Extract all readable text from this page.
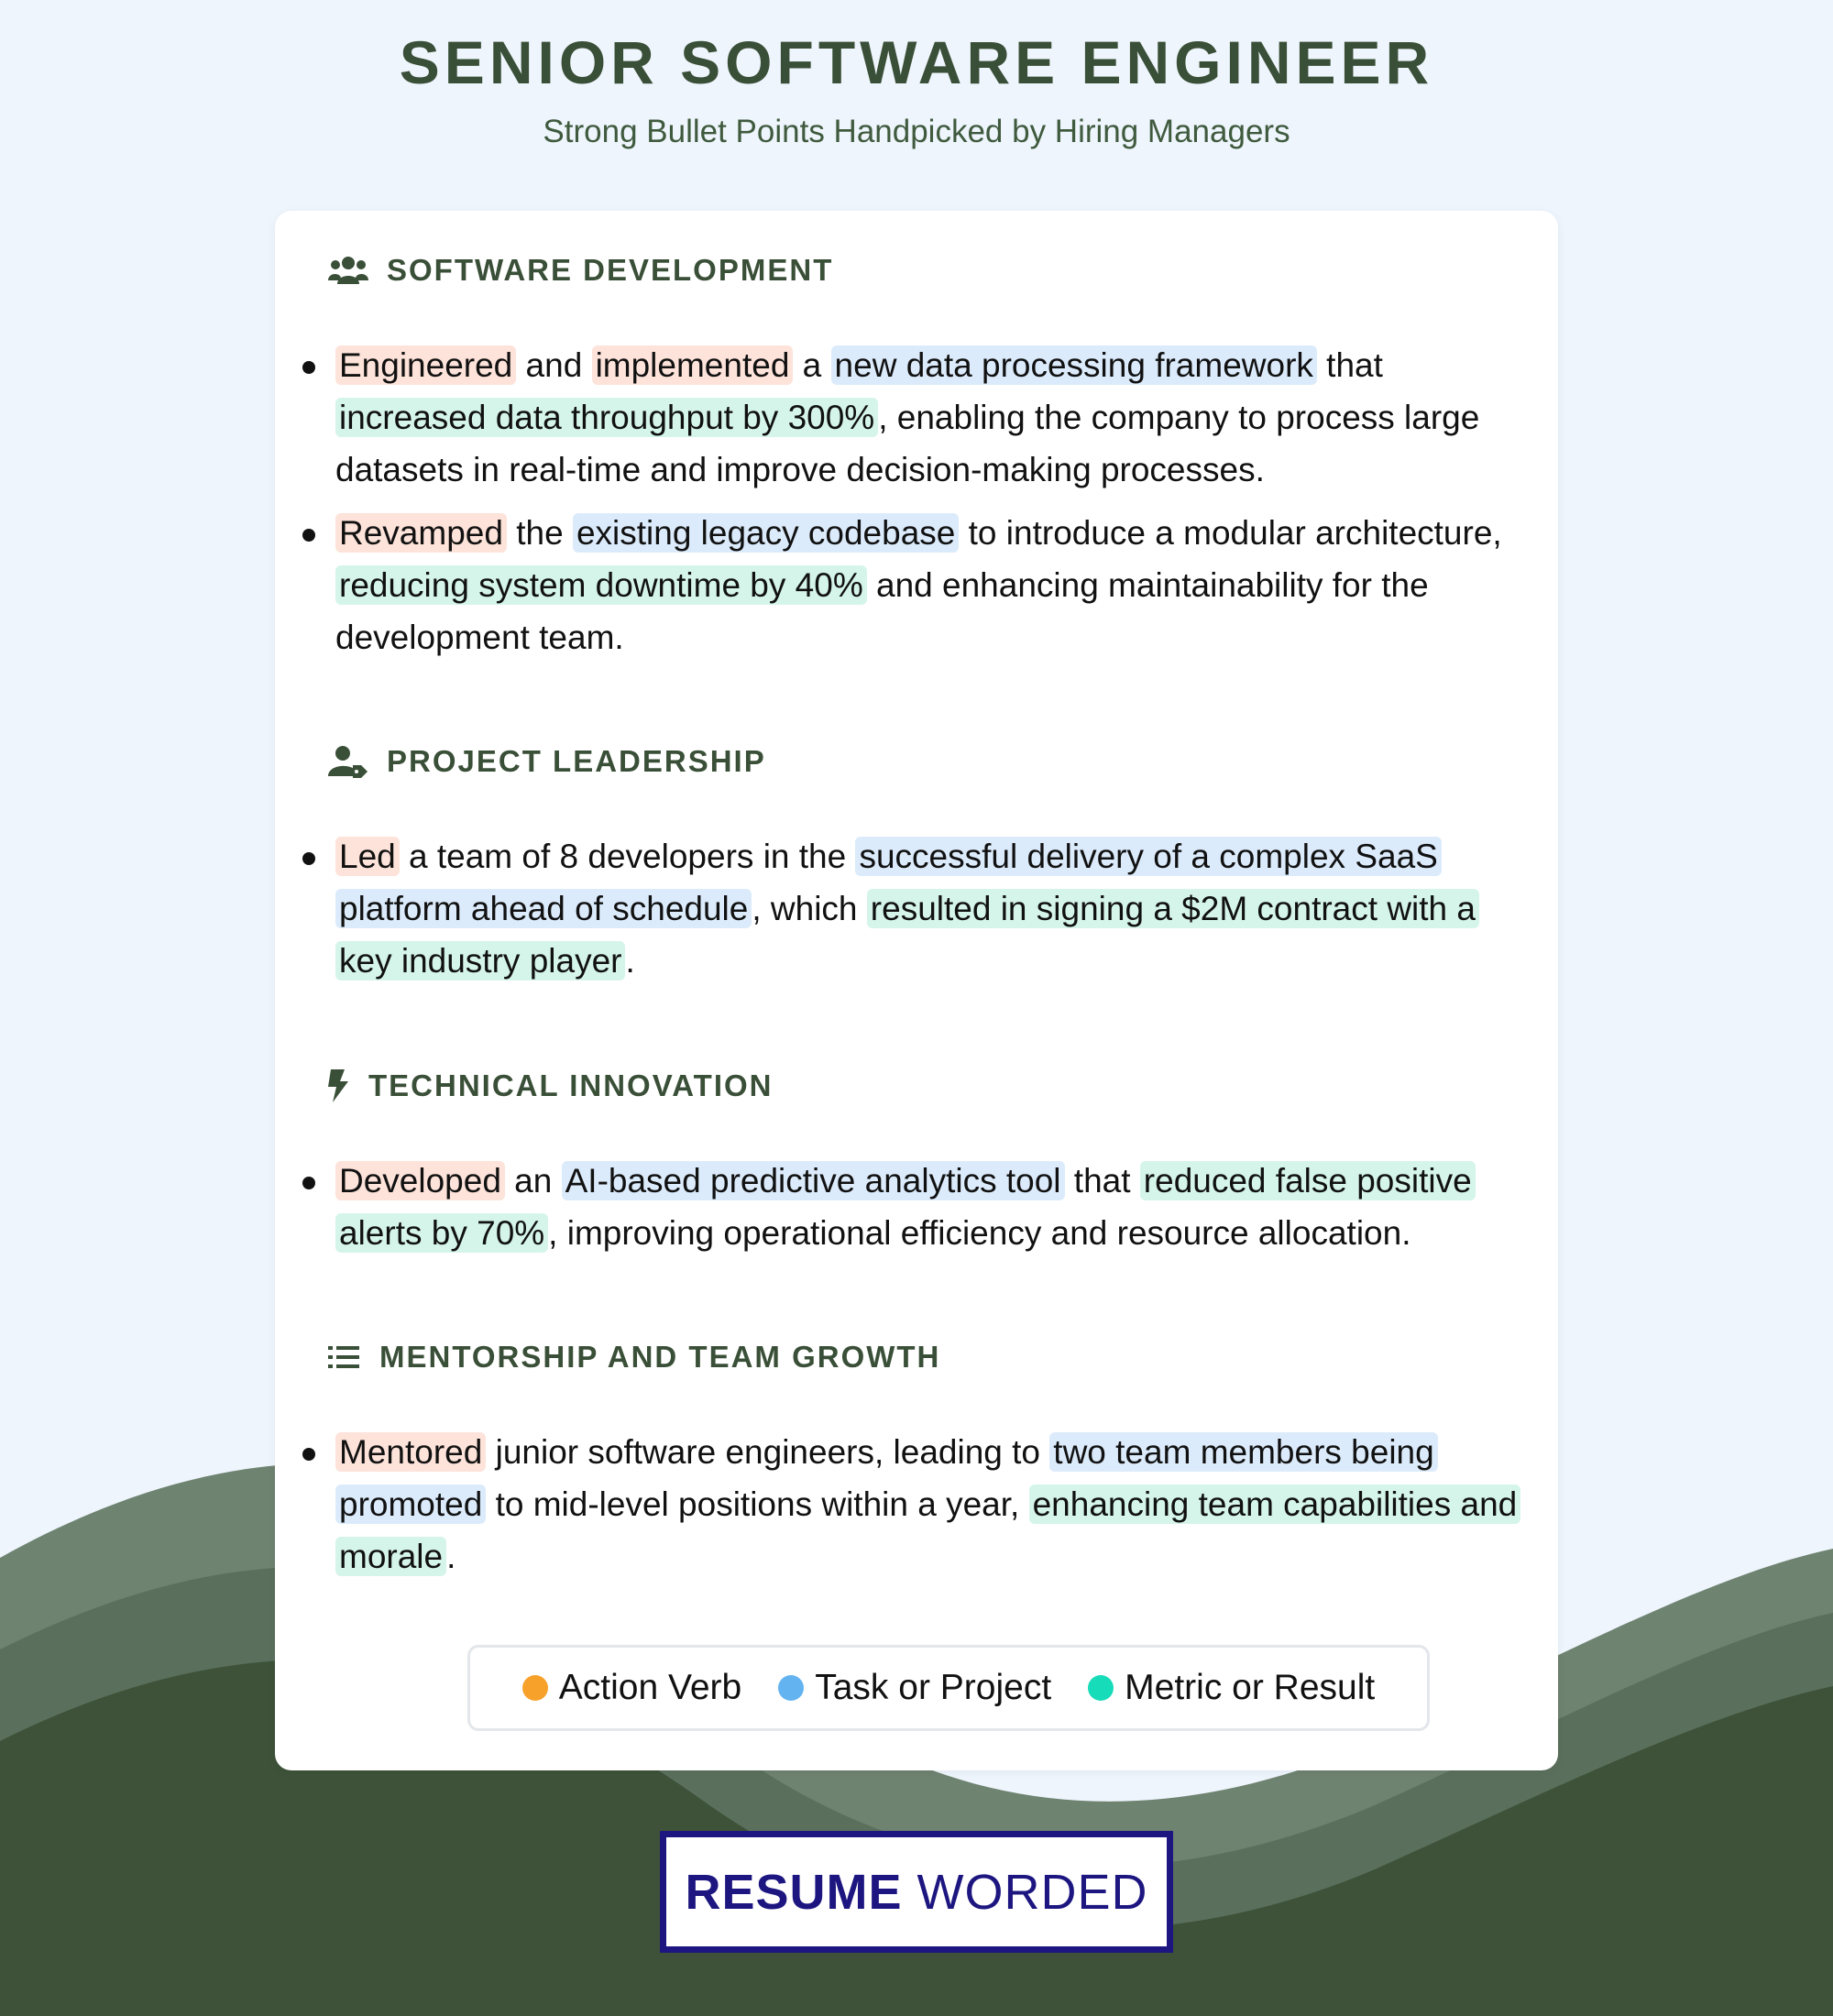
SENIOR SOFTWARE ENGINEER
Strong Bullet Points Handpicked by Hiring Managers
SOFTWARE DEVELOPMENT
Engineered and implemented a new data processing framework that increased data throughput by 300% , enabling the company to process large datasets in real-time and improve decision-making processes.
Revamped the existing legacy codebase to introduce a modular architecture, reducing system downtime by 40% and enhancing maintainability for the development team.
PROJECT LEADERSHIP
Led a team of 8 developers in the successful delivery of a complex SaaS platform ahead of schedule , which resulted in signing a $2M contract with a key industry player .
TECHNICAL INNOVATION
Developed an AI-based predictive analytics tool that reduced false positive alerts by 70% , improving operational efficiency and resource allocation.
MENTORSHIP AND TEAM GROWTH
Mentored junior software engineers, leading to two team members being promoted to mid-level positions within a year, enhancing team capabilities and morale .
Action Verb Task or Project Metric or Result
RESUME WORDED
